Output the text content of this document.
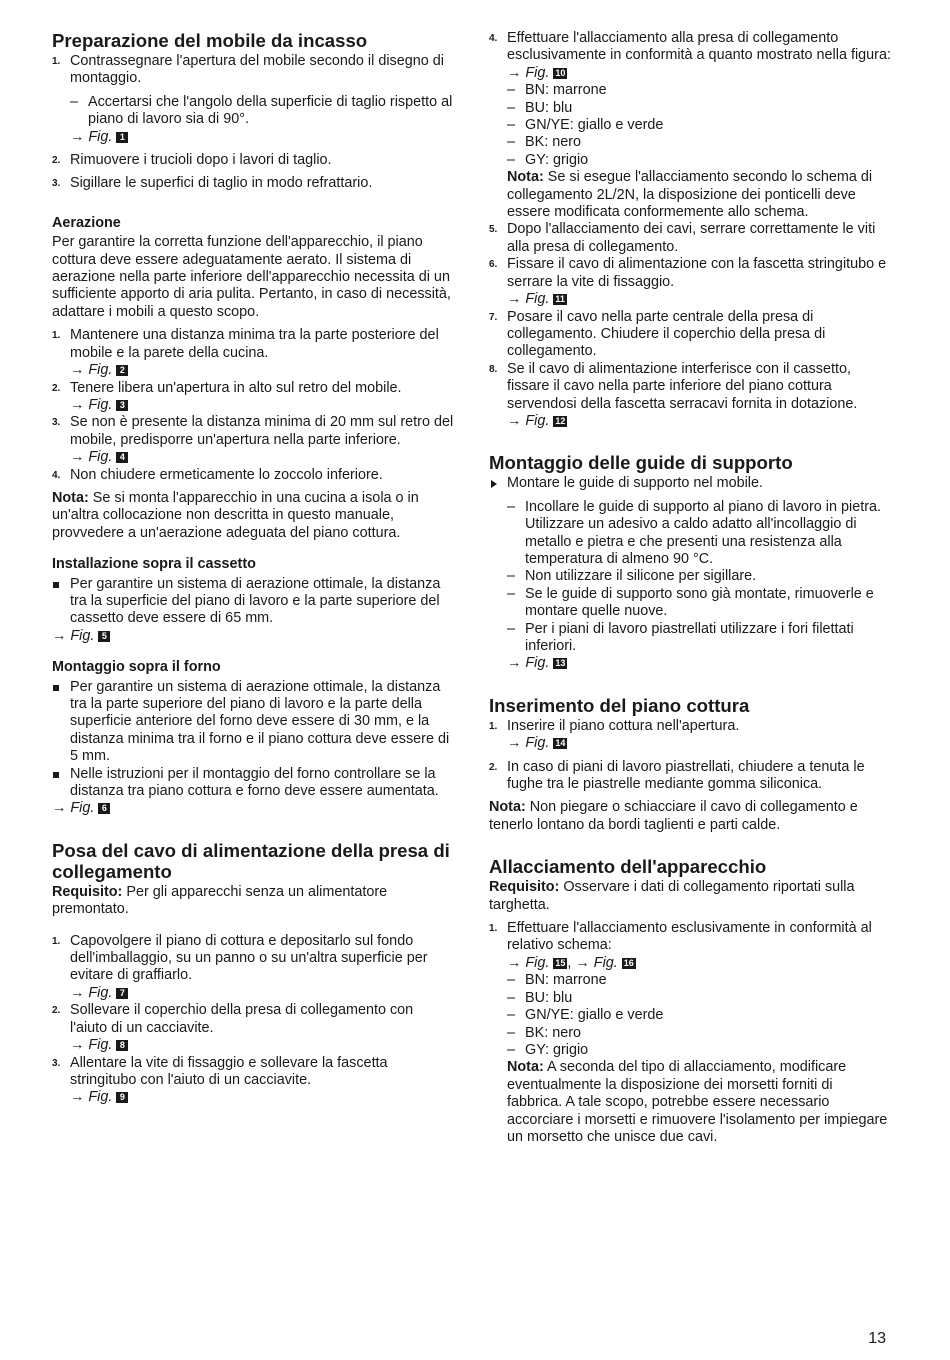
Preparazione del mobile da incasso
1. Contrassegnare l'apertura del mobile secondo il disegno di montaggio.

– Accertarsi che l'angolo della superficie di taglio rispetto al piano di lavoro sia di 90°.

→ Fig. 1
2. Rimuovere i trucioli dopo i lavori di taglio.

3. Sigillare le superfici di taglio in modo refrattario.

Aerazione

Per garantire la corretta funzione dell'apparecchio, il piano cottura deve essere adeguatamente aerato. Il sistema di aerazione nella parte inferiore dell'apparecchio necessita di un sufficiente apporto di aria pulita. Pertanto, in caso di necessità, adattare i mobili a questo scopo.

1. Mantenere una distanza minima tra la parte posteriore del mobile e la parete della cucina.

→ Fig. 2
2. Tenere libera un'apertura in alto sul retro del mobile.

→ Fig. 3
3. Se non è presente la distanza minima di 20 mm sul retro del mobile, predisporre un'apertura nella parte inferiore.

→ Fig. 4
4. Non chiudere ermeticamente lo zoccolo inferiore.

Nota: Se si monta l'apparecchio in una cucina a isola o in un'altra collocazione non descritta in questo manuale, provvedere a un'aerazione adeguata del piano cottura.

Installazione sopra il cassetto

Per garantire un sistema di aerazione ottimale, la distanza tra la superficie del piano di lavoro e la parte superiore del cassetto deve essere di 65 mm.

→ Fig. 5
Montaggio sopra il forno

Per garantire un sistema di aerazione ottimale, la distanza tra la parte superiore del piano di lavoro e la parte della superficie anteriore del forno deve essere di 30 mm, e la distanza minima tra il forno e il piano cottura deve essere di 5 mm.

Nelle istruzioni per il montaggio del forno controllare se la distanza tra piano cottura e forno deve essere aumentata.

→ Fig. 6
Posa del cavo di alimentazione della presa di collegamento

Requisito: Per gli apparecchi senza un alimentatore premontato.

1. Capovolgere il piano di cottura e depositarlo sul fondo dell'imballaggio, su un panno o su un'altra superficie per evitare di graffiarlo.

→ Fig. 7
2. Sollevare il coperchio della presa di collegamento con l'aiuto di un cacciavite.

→ Fig. 8
3. Allentare la vite di fissaggio e sollevare la fascetta stringitubo con l'aiuto di un cacciavite.

→ Fig. 9
4. Effettuare l'allacciamento alla presa di collegamento esclusivamente in conformità a quanto mostrato nella figura:

→ Fig. 10
– BN: marrone

– BU: blu

– GN/YE: giallo e verde

– BK: nero

– GY: grigio

Nota: Se si esegue l'allacciamento secondo lo schema di collegamento 2L/2N, la disposizione dei ponticelli deve essere modificata conformemente allo schema.

5. Dopo l'allacciamento dei cavi, serrare correttamente le viti alla presa di collegamento.

6. Fissare il cavo di alimentazione con la fascetta stringitubo e serrare la vite di fissaggio.

→ Fig. 11
7. Posare il cavo nella parte centrale della presa di collegamento. Chiudere il coperchio della presa di collegamento.

8. Se il cavo di alimentazione interferisce con il cassetto, fissare il cavo nella parte inferiore del piano cottura servendosi della fascetta serracavi fornita in dotazione.

→ Fig. 12
Montaggio delle guide di supporto

Montare le guide di supporto nel mobile.

– Incollare le guide di supporto al piano di lavoro in pietra. Utilizzare un adesivo a caldo adatto all'incollaggio di metallo e pietra e che presenti una resistenza alla temperatura di almeno 90 °C.

– Non utilizzare il silicone per sigillare.

– Se le guide di supporto sono già montate, rimuoverle e montare quelle nuove.

– Per i piani di lavoro piastrellati utilizzare i fori filettati inferiori.

→ Fig. 13
Inserimento del piano cottura
1. Inserire il piano cottura nell'apertura.

→ Fig. 14
2. In caso di piani di lavoro piastrellati, chiudere a tenuta le fughe tra le piastrelle mediante gomma siliconica.

Nota: Non piegare o schiacciare il cavo di collegamento e tenerlo lontano da bordi taglienti e parti calde.

Allacciamento dell'apparecchio

Requisito: Osservare i dati di collegamento riportati sulla targhetta.

1. Effettuare l'allacciamento esclusivamente in conformità al relativo schema:

→ Fig. 15 , → Fig. 16
– BN: marrone

– BU: blu

– GN/YE: giallo e verde

– BK: nero

– GY: grigio

Nota: A seconda del tipo di allacciamento, modificare eventualmente la disposizione dei morsetti forniti di fabbrica. A tale scopo, potrebbe essere necessario accorciare i morsetti e rimuovere l'isolamento per impiegare un morsetto che unisce due cavi.

13
